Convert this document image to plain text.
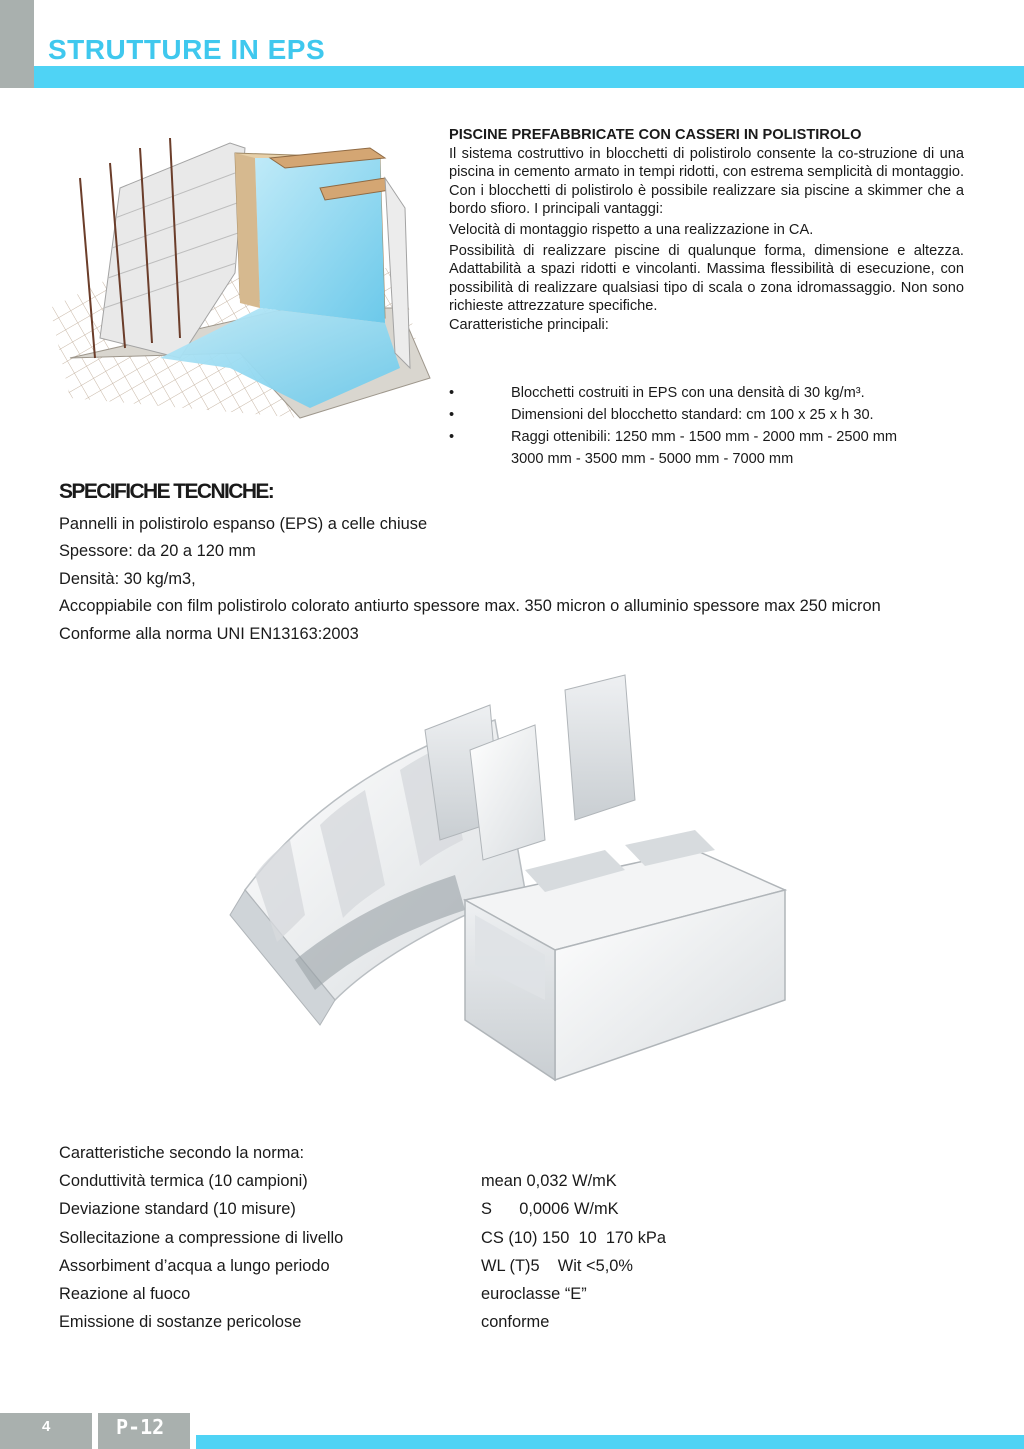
STRUTTURE IN EPS
PISCINE PREFABBRICATE CON CASSERI IN POLISTIROLO

Il sistema costruttivo in blocchetti di polistirolo consente la co-struzione di una piscina in cemento armato in tempi ridotti, con estrema semplicità di montaggio. Con i blocchetti di polistirolo è possibile realizzare sia piscine a skimmer che a bordo sfioro. I principali vantaggi:

Velocità di montaggio rispetto a una realizzazione in CA.

Possibilità di realizzare piscine di qualunque forma, dimensione e altezza. Adattabilità a spazi ridotti e vincolanti. Massima flessibilità di esecuzione, con possibilità di realizzare qualsiasi tipo di scala o zona idromassaggio. Non sono richieste attrezzature specifiche.

Caratteristiche principali:

•	Blocchetti costruiti in EPS con una densità di 30 kg/m³.
•	Dimensioni del blocchetto standard: cm 100 x 25 x h 30.
•	Raggi ottenibili: 1250 mm - 1500 mm - 2000 mm - 2500 mm
3000 mm - 3500 mm - 5000 mm - 7000 mm
SPECIFICHE TECNICHE:
Pannelli in polistirolo espanso (EPS) a celle chiuse
Spessore: da 20 a 120 mm
Densità: 30 kg/m3,
Accoppiabile con film polistirolo colorato antiurto spessore max. 350 micron o alluminio spessore max 250 micron
Conforme alla norma UNI EN13163:2003
Caratteristiche secondo la norma:
Conduttività termica (10 campioni)	mean 0,032 W/mK
Deviazione standard (10 misure)	S      0,0006 W/mK
Sollecitazione a compressione di livello	CS (10) 150  10  170 kPa
Assorbiment d’acqua a lungo periodo	WL (T)5    Wit <5,0%
Reazione al fuoco	euroclasse “E”
Emissione di sostanze pericolose	conforme
4	P-12
